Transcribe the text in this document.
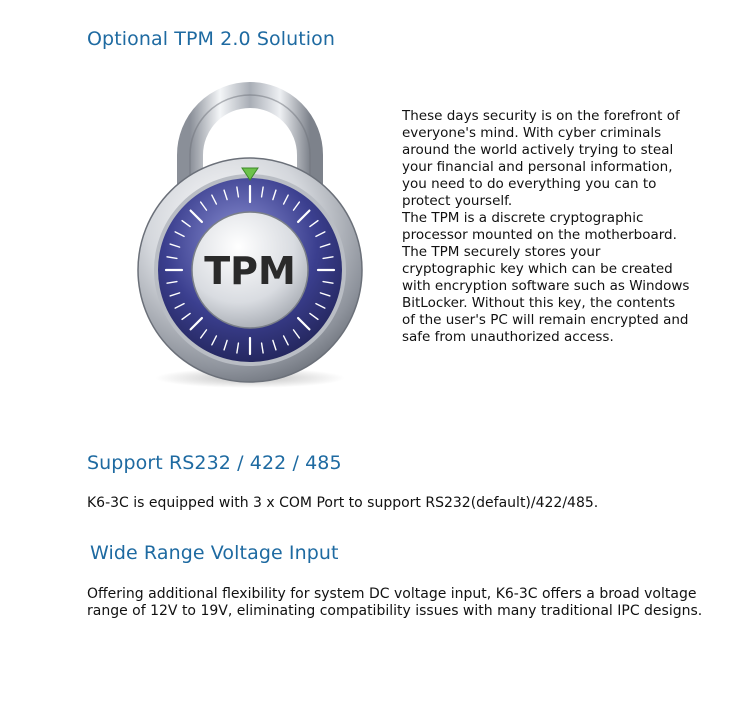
Optional TPM 2.0 Solution
TPM

These days security is on the forefront of everyone's mind. With cyber criminals around the world actively trying to steal your financial and personal information, you need to do everything you can to protect yourself.

The TPM is a discrete cryptographic processor mounted on the motherboard. The TPM securely stores your cryptographic key which can be created with encryption software such as Windows BitLocker. Without this key, the contents of the user's PC will remain encrypted and safe from unauthorized access.

Support RS232 / 422 / 485

K6-3C is equipped with 3 x COM Port to support RS232(default)/422/485.

Wide Range Voltage Input

Offering additional flexibility for system DC voltage input, K6-3C offers a broad voltage range of 12V to 19V, eliminating compatibility issues with many traditional IPC designs.
